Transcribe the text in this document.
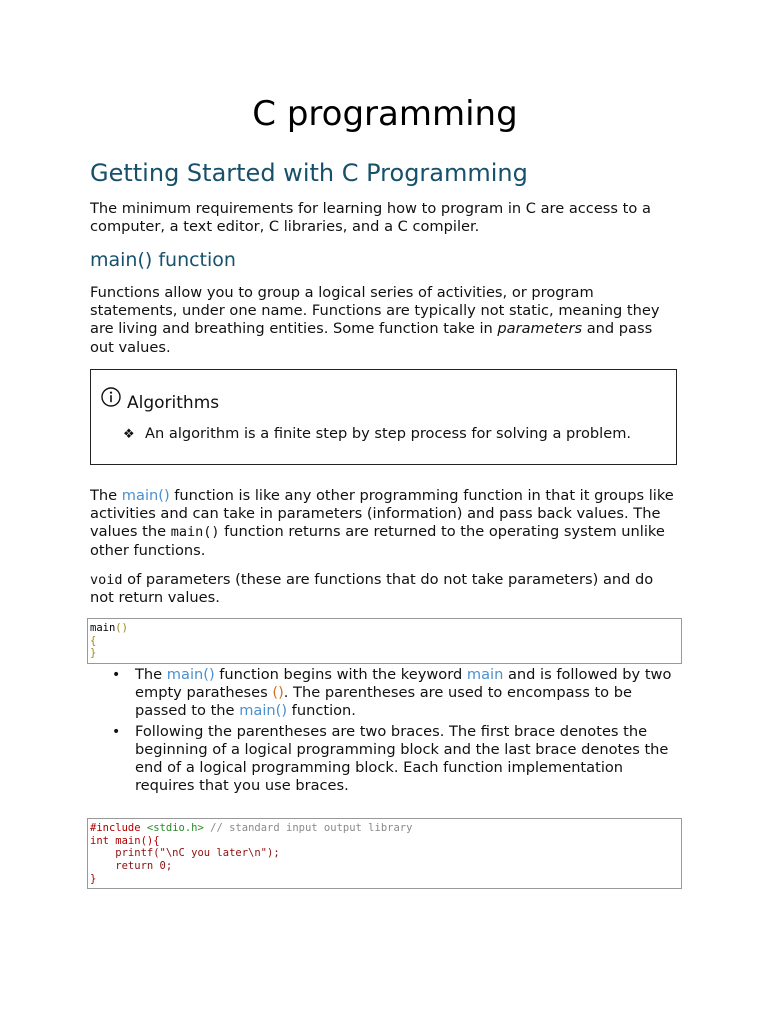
C programming
Getting Started with C Programming
The minimum requirements for learning how to program in C are access to a computer, a text editor, C libraries, and a C compiler.
main() function
Functions allow you to group a logical series of activities, or program statements, under one name. Functions are typically not static, meaning they are living and breathing entities. Some function take in parameters and pass out values.
Algorithms
❖ An algorithm is a finite step by step process for solving a problem.
The main() function is like any other programming function in that it groups like activities and can take in parameters (information) and pass back values. The values the main() function returns are returned to the operating system unlike other functions.
void of parameters (these are functions that do not take parameters) and do not return values.
main()
{
}
• The main() function begins with the keyword main and is followed by two empty paratheses (). The parentheses are used to encompass to be passed to the main() function.
• Following the parentheses are two braces. The first brace denotes the beginning of a logical programming block and the last brace denotes the end of a logical programming block. Each function implementation requires that you use braces.
#include <stdio.h> // standard input output library
int main(){
printf("\nC you later\n");
return 0;
}
